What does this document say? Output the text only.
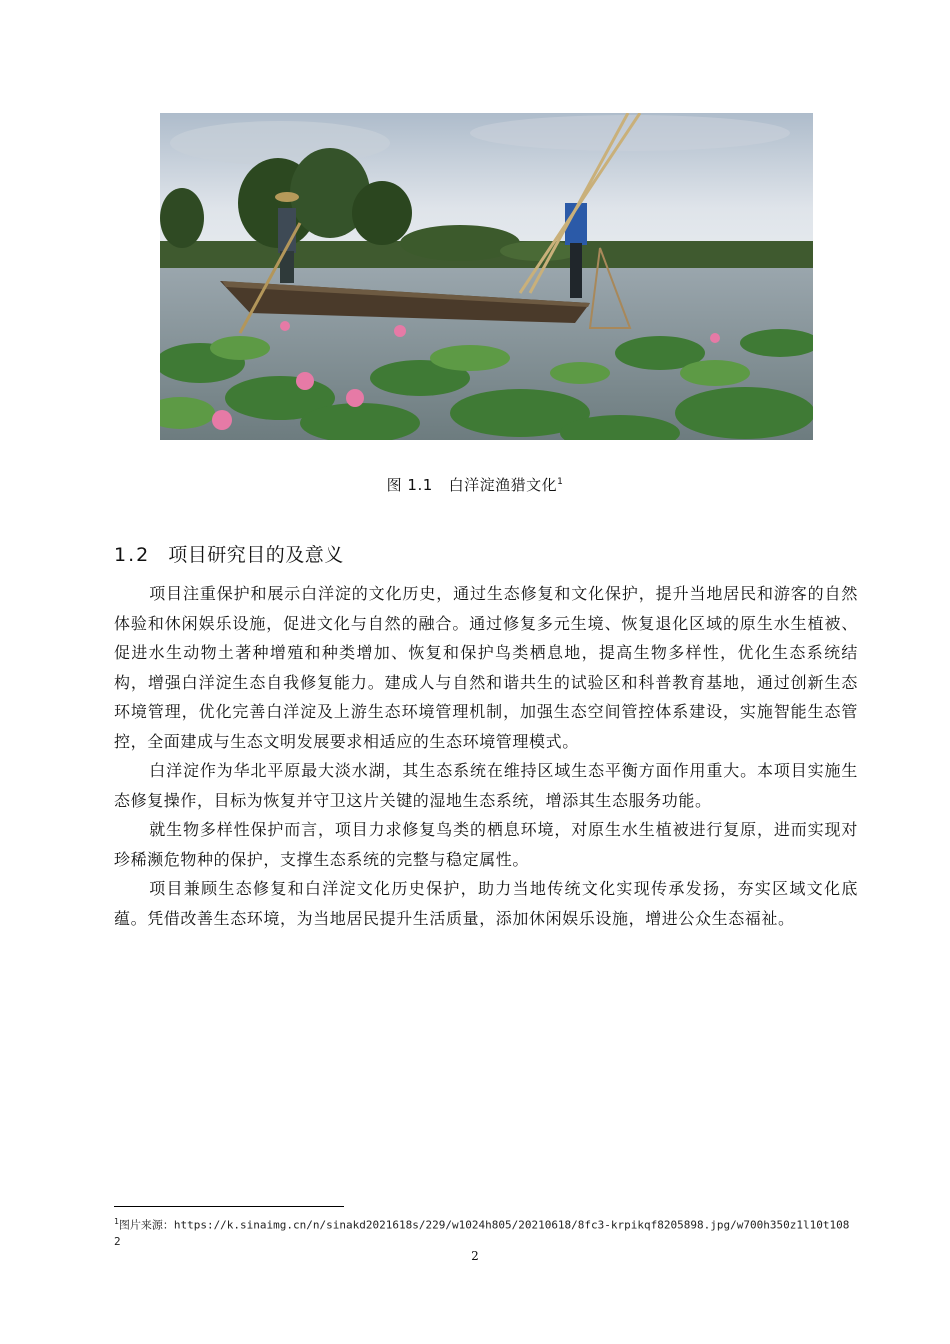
图 1.1 白洋淀渔猎文化$^1$
1.2 项目研究目的及意义

项目注重保护和展示白洋淀的文化历史，通过生态修复和文化保护，提升当地居民和游客的自然体验和休闲娱乐设施，促进文化与自然的融合。通过修复多元生境、恢复退化区域的原生水生植被、促进水生动物土著种增殖和种类增加、恢复和保护鸟类栖息地，提高生物多样性，优化生态系统结构，增强白洋淀生态自我修复能力。建成人与自然和谐共生的试验区和科普教育基地，通过创新生态环境管理，优化完善白洋淀及上游生态环境管理机制，加强生态空间管控体系建设，实施智能生态管控，全面建成与生态文明发展要求相适应的生态环境管理模式。

白洋淀作为华北平原最大淡水湖，其生态系统在维持区域生态平衡方面作用重大。本项目实施生态修复操作，目标为恢复并守卫这片关键的湿地生态系统，增添其生态服务功能。

就生物多样性保护而言，项目力求修复鸟类的栖息环境，对原生水生植被进行复原，进而实现对珍稀濒危物种的保护，支撑生态系统的完整与稳定属性。

项目兼顾生态修复和白洋淀文化历史保护，助力当地传统文化实现传承发扬，夯实区域文化底蕴。凭借改善生态环境，为当地居民提升生活质量，添加休闲娱乐设施，增进公众生态福祉。

$^1$图片来源：https://k.sinaimg.cn/n/sinakd2021618s/229/w1024h805/20210618/8fc3-krpikqf8205898.jpg/w700h350z1l10t1082
2
